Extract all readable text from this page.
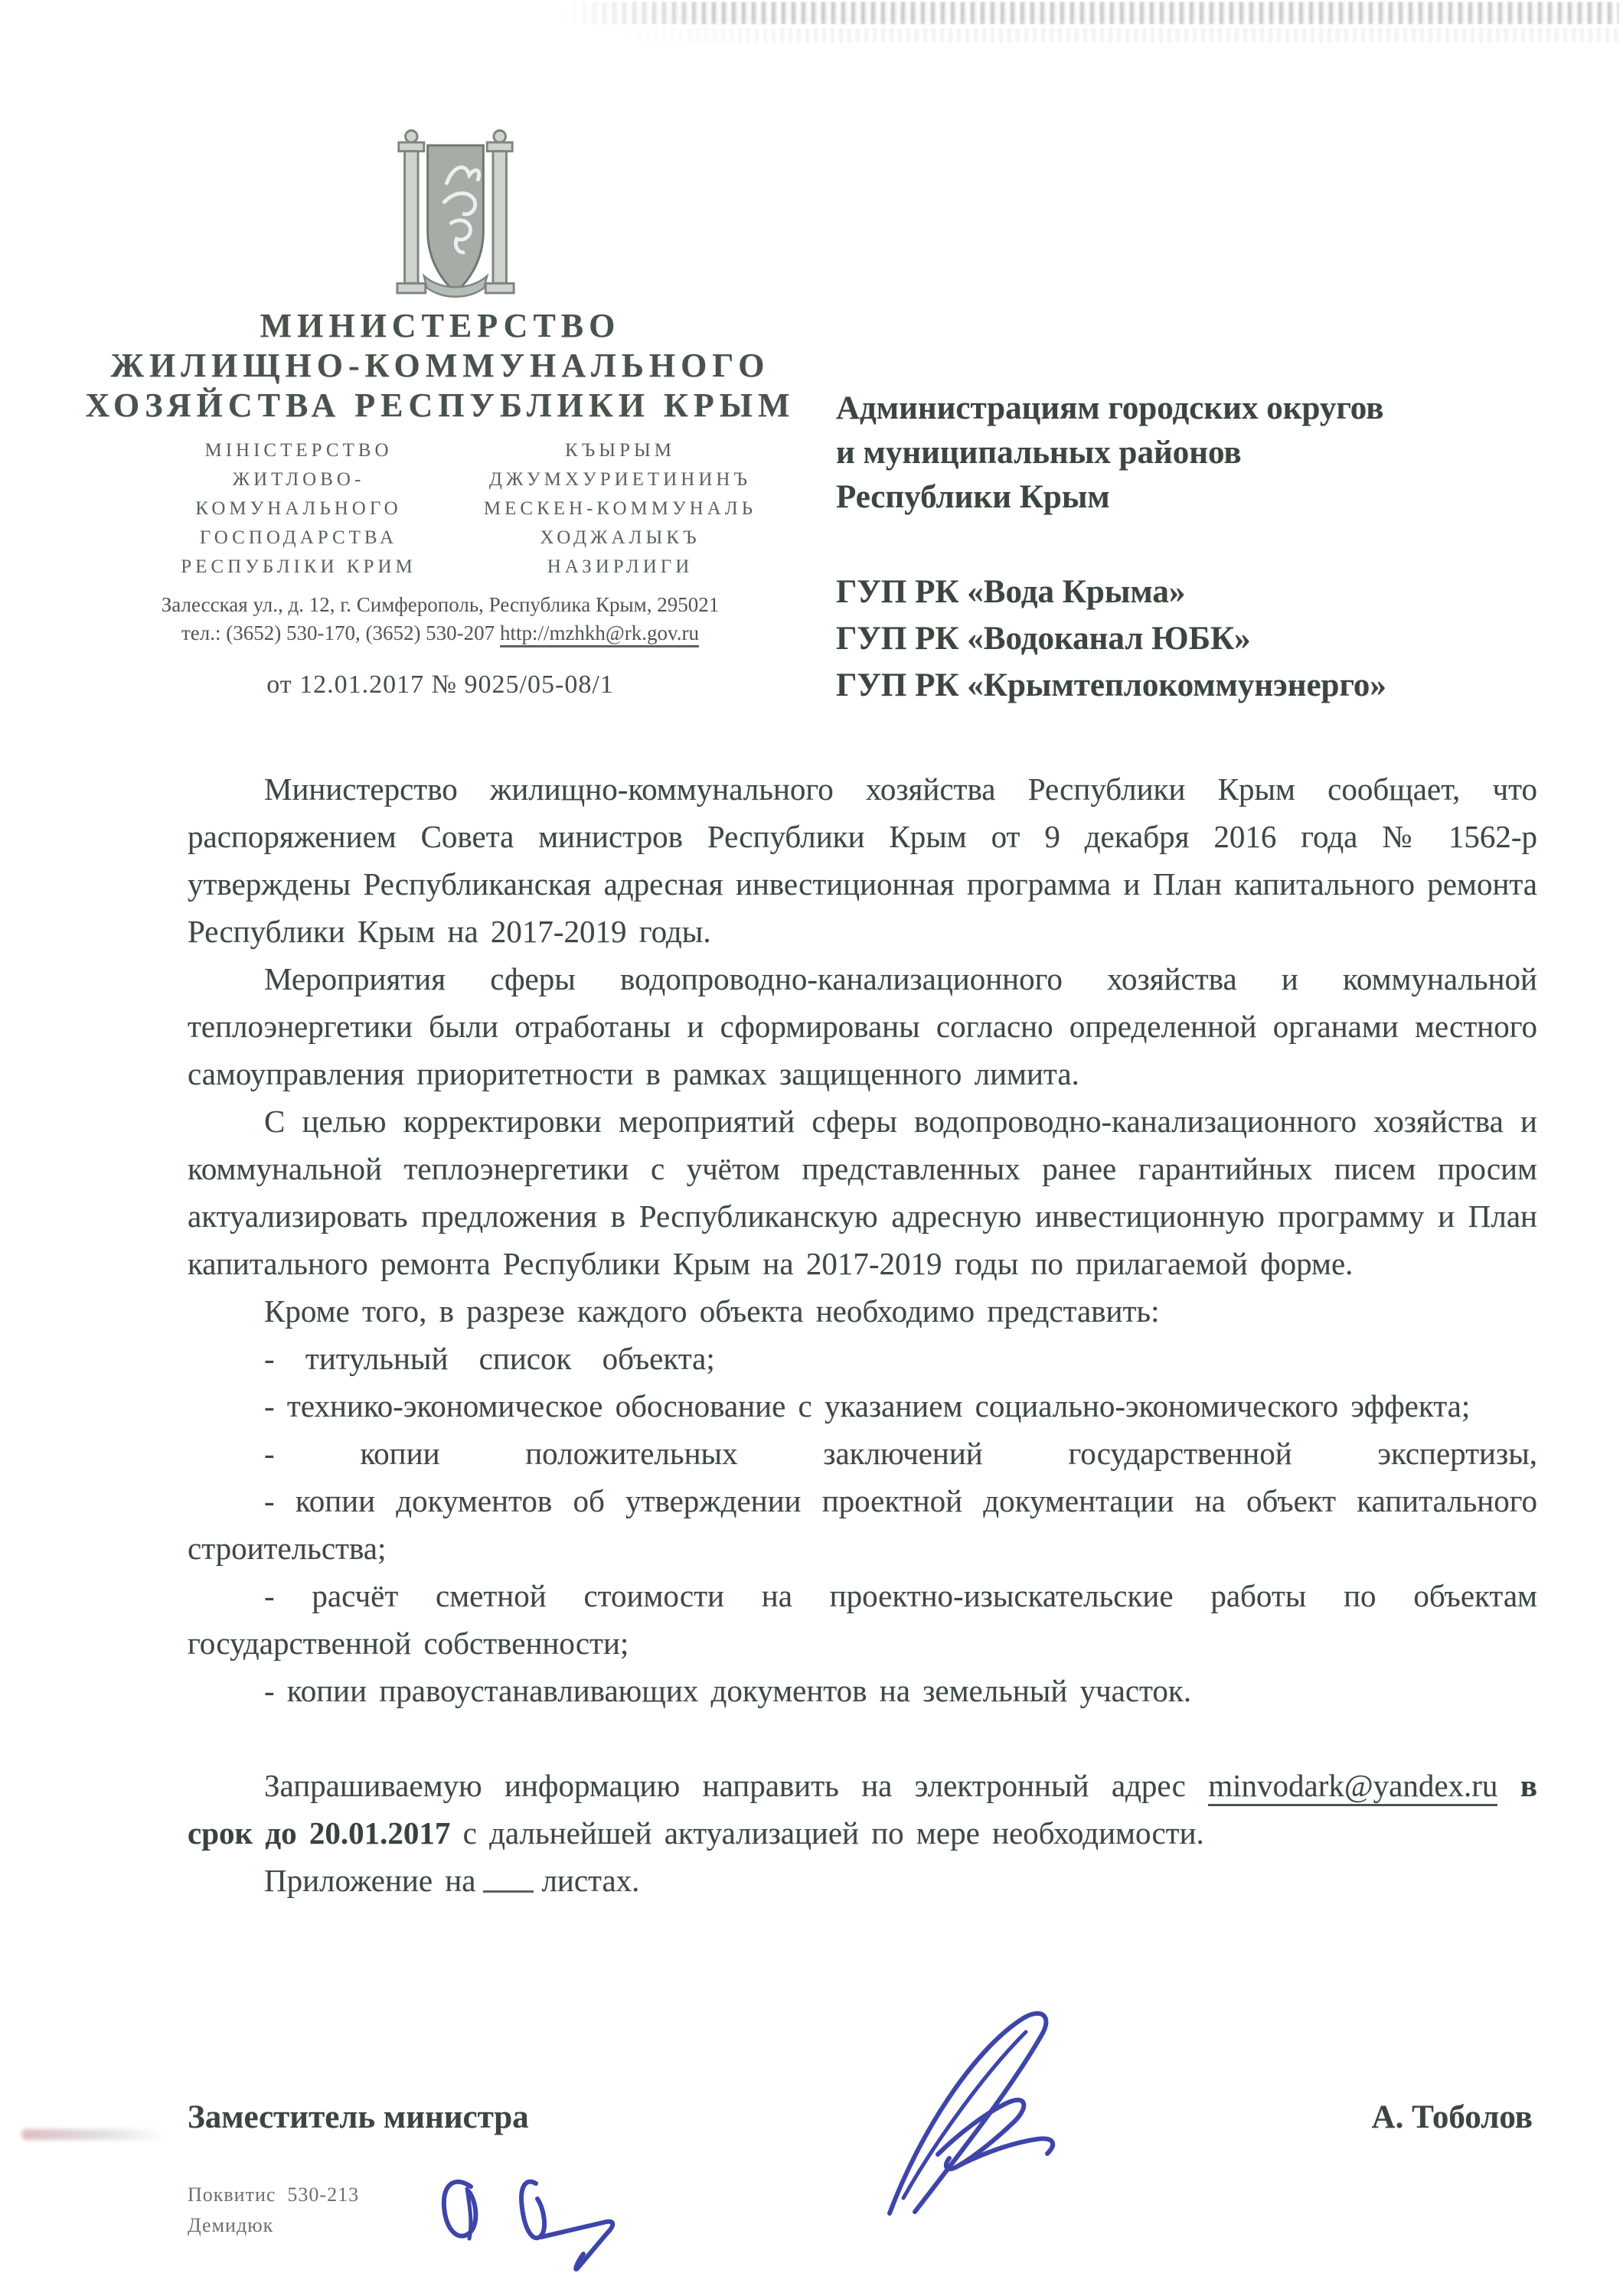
МИНИСТЕРСТВО
ЖИЛИЩНО-КОММУНАЛЬНОГО
ХОЗЯЙСТВА РЕСПУБЛИКИ КРЫМ
МІНІСТЕРСТВО
ЖИТЛОВО-
КОМУНАЛЬНОГО
ГОСПОДАРСТВА
РЕСПУБЛІКИ КРИМ
КЪЫРЫМ
ДЖУМХУРИЕТИНИНЪ
МЕСКЕН-КОММУНАЛЬ
ХОДЖАЛЫКЪ
НАЗИРЛИГИ
Залесская ул., д. 12, г. Симферополь, Республика Крым, 295021
тел.: (3652) 530-170, (3652) 530-207 http://mzhkh@rk.gov.ru
от 12.01.2017 № 9025/05-08/1
Администрациям городских округов
и муниципальных районов
Республики Крым
ГУП РК «Вода Крыма»
ГУП РК «Водоканал ЮБК»
ГУП РК «Крымтеплокоммунэнерго»

Министерство жилищно-коммунального хозяйства Республики Крым сообщает, что распоряжением Совета министров Республики Крым от 9 декабря 2016 года № 1562-р утверждены Республиканская адресная инвестиционная программа и План капитального ремонта Республики Крым на 2017-2019 годы.

Мероприятия сферы водопроводно-канализационного хозяйства и коммунальной теплоэнергетики были отработаны и сформированы согласно определенной органами местного самоуправления приоритетности в рамках защищенного лимита.

С целью корректировки мероприятий сферы водопроводно-канализационного хозяйства и коммунальной теплоэнергетики с учётом представленных ранее гарантийных писем просим актуализировать предложения в Республиканскую адресную инвестиционную программу и План капитального ремонта Республики Крым на 2017-2019 годы по прилагаемой форме.

Кроме того, в разрезе каждого объекта необходимо представить:

- титульный список объекта;

- технико-экономическое обоснование с указанием социально-экономического эффекта;

- копии положительных заключений государственной экспертизы,

- копии документов об утверждении проектной документации на объект капитального строительства;

- расчёт сметной стоимости на проектно-изыскательские работы по объектам государственной собственности;

- копии правоустанавливающих документов на земельный участок.

Запрашиваемую информацию направить на электронный адрес minvodark@yandex.ru в срок до 20.01.2017 с дальнейшей актуализацией по мере необходимости.

Приложение на листах.

Заместитель министра	А. Тоболов
Поквитис  530-213
Демидюк
